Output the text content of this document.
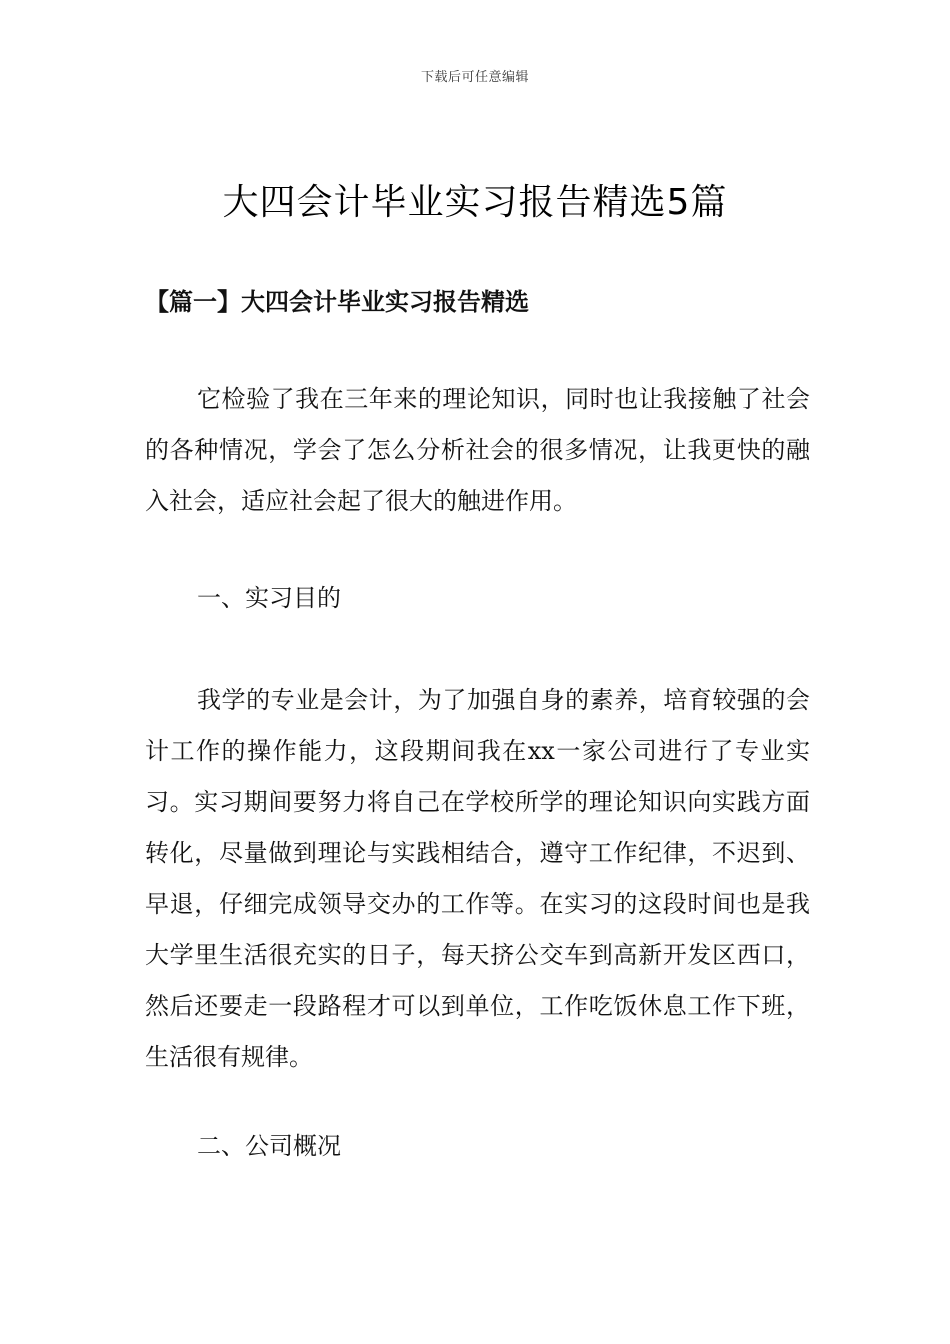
下载后可任意编辑
大四会计毕业实习报告精选5篇
【篇一】大四会计毕业实习报告精选

它检验了我在三年来的理论知识，同时也让我接触了社会的各种情况，学会了怎么分析社会的很多情况，让我更快的融入社会，适应社会起了很大的触进作用。

一、实习目的

我学的专业是会计，为了加强自身的素养，培育较强的会计工作的操作能力，这段期间我在xx一家公司进行了专业实习。实习期间要努力将自己在学校所学的理论知识向实践方面转化，尽量做到理论与实践相结合，遵守工作纪律，不迟到、早退，仔细完成领导交办的工作等。在实习的这段时间也是我大学里生活很充实的日子，每天挤公交车到高新开发区西口，然后还要走一段路程才可以到单位，工作吃饭休息工作下班，生活很有规律。

二、公司概况
